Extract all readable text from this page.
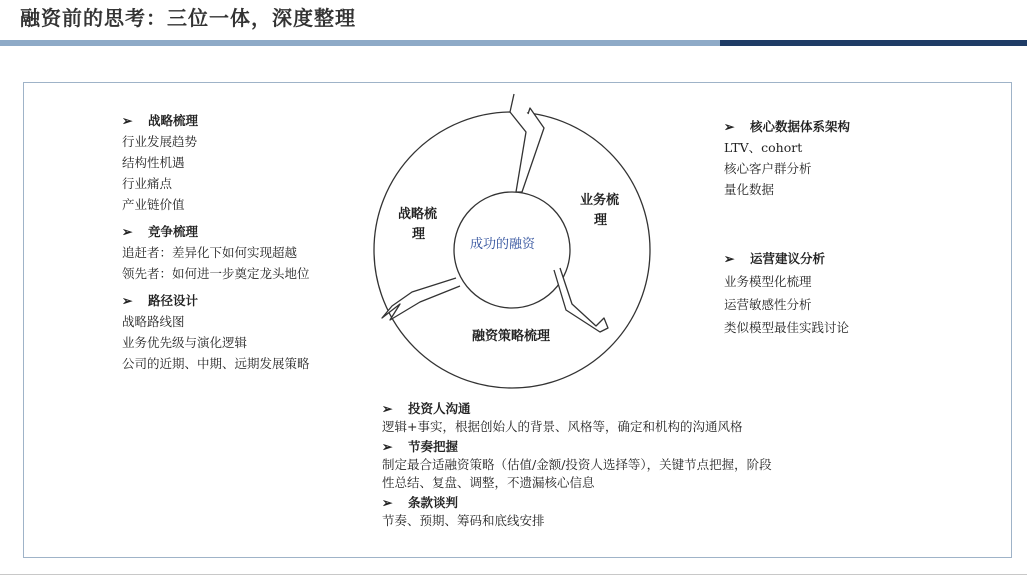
融资前的思考：三位一体，深度整理
➢ 战略梳理
行业发展趋势
结构性机遇
行业痛点
产业链价值
➢ 竞争梳理
追赶者：差异化下如何实现超越
领先者：如何进一步奠定龙头地位
➢ 路径设计
战略路线图
业务优先级与演化逻辑
公司的近期、中期、远期发展策略
➢ 核心数据体系架构
LTV、cohort
核心客户群分析
量化数据
➢ 运营建议分析
业务模型化梳理
运营敏感性分析
类似模型最佳实践讨论
战略梳
理
业务梳
理
成功的融资
融资策略梳理
➢ 投资人沟通
逻辑+事实，根据创始人的背景、风格等，确定和机构的沟通风格
➢ 节奏把握
制定最合适融资策略（估值/金额/投资人选择等），关键节点把握，阶段性总结、复盘、调整，不遗漏核心信息
➢ 条款谈判
节奏、预期、筹码和底线安排
